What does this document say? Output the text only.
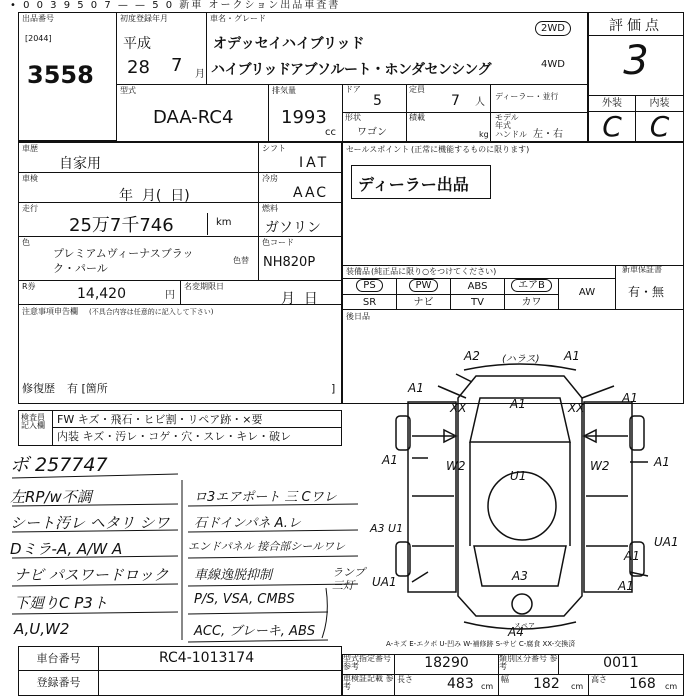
• 0 0 3 9 5 0 7 — — 5 0 新車 オークション出品車査書
出品番号
[2044]
3558
初度登録年月
平成
28 7 月
車名・グレード
オデッセイハイブリッド
ハイブリッドアブソルート・ホンダセンシング
2WD
4WD
型式
DAA-RC4
排気量
1993
cc
ドア
5
定員
7 人
ディーラー・並行
形状
ワゴン
積載
kg
モデル年式
ハンドル 左・右
評価点
3
外装	内装
C C
車歴
自家用
シフト
IAT
車検
年  月(  日)
冷房
AAC
走行
25万7千746	km
燃料
ガソリン
色
プレミアムヴィーナスブラック・パール
色替
色コード
NH820P
R券	14,420	円
名変期限日
月  日
注意事項申告欄 (不具合内容は任意的に記入して下さい)
修復歴 有 [箇所	]
セールスポイント (正常に機能するものに限ります)
ディーラー出品
装備品 (純正品に限り○をつけてください)	新車保証書
有・無
PS	PW	ABS	エアB
AW
SR	ナビ	TV	カワ
後日品
検査員記入欄	FW キズ・飛石・ヒビ割・リペア跡・×要
内装 キズ・汚レ・コゲ・穴・スレ・キレ・破レ
ボ 257747
左RP/w不調
シート汚レ ヘタリ シワ
Dミラ-A, A/W A
ナビ パスワードロック
下廻りC P3ト
A,U,W2
ロ3エアポート 三 Cワレ
石ドインパネ A.レ
エンドパネル 接合部シールワレ
車線逸脱抑制
P/S, VSA, CMBS
ACC, ブレーキ, ABS
ランプ
三灯
A2 (ハラス) A1
A1
XX	A1	XX
A1
W2
U1
W2
A1	A1
A3 U1
A3
A1
UA1
UA1
A1
A4
スペア
A-キズ E-エクボ U-凹み W-補修跡 S-サビ C-腐食 XX-交換済
車台番号	RC4-1013174
登録番号
型式指定番号 参考	18290	類別区分番号 参考	0011
車検証記載 参考
長さ 483 cm
幅 182 cm
高さ 168 cm
